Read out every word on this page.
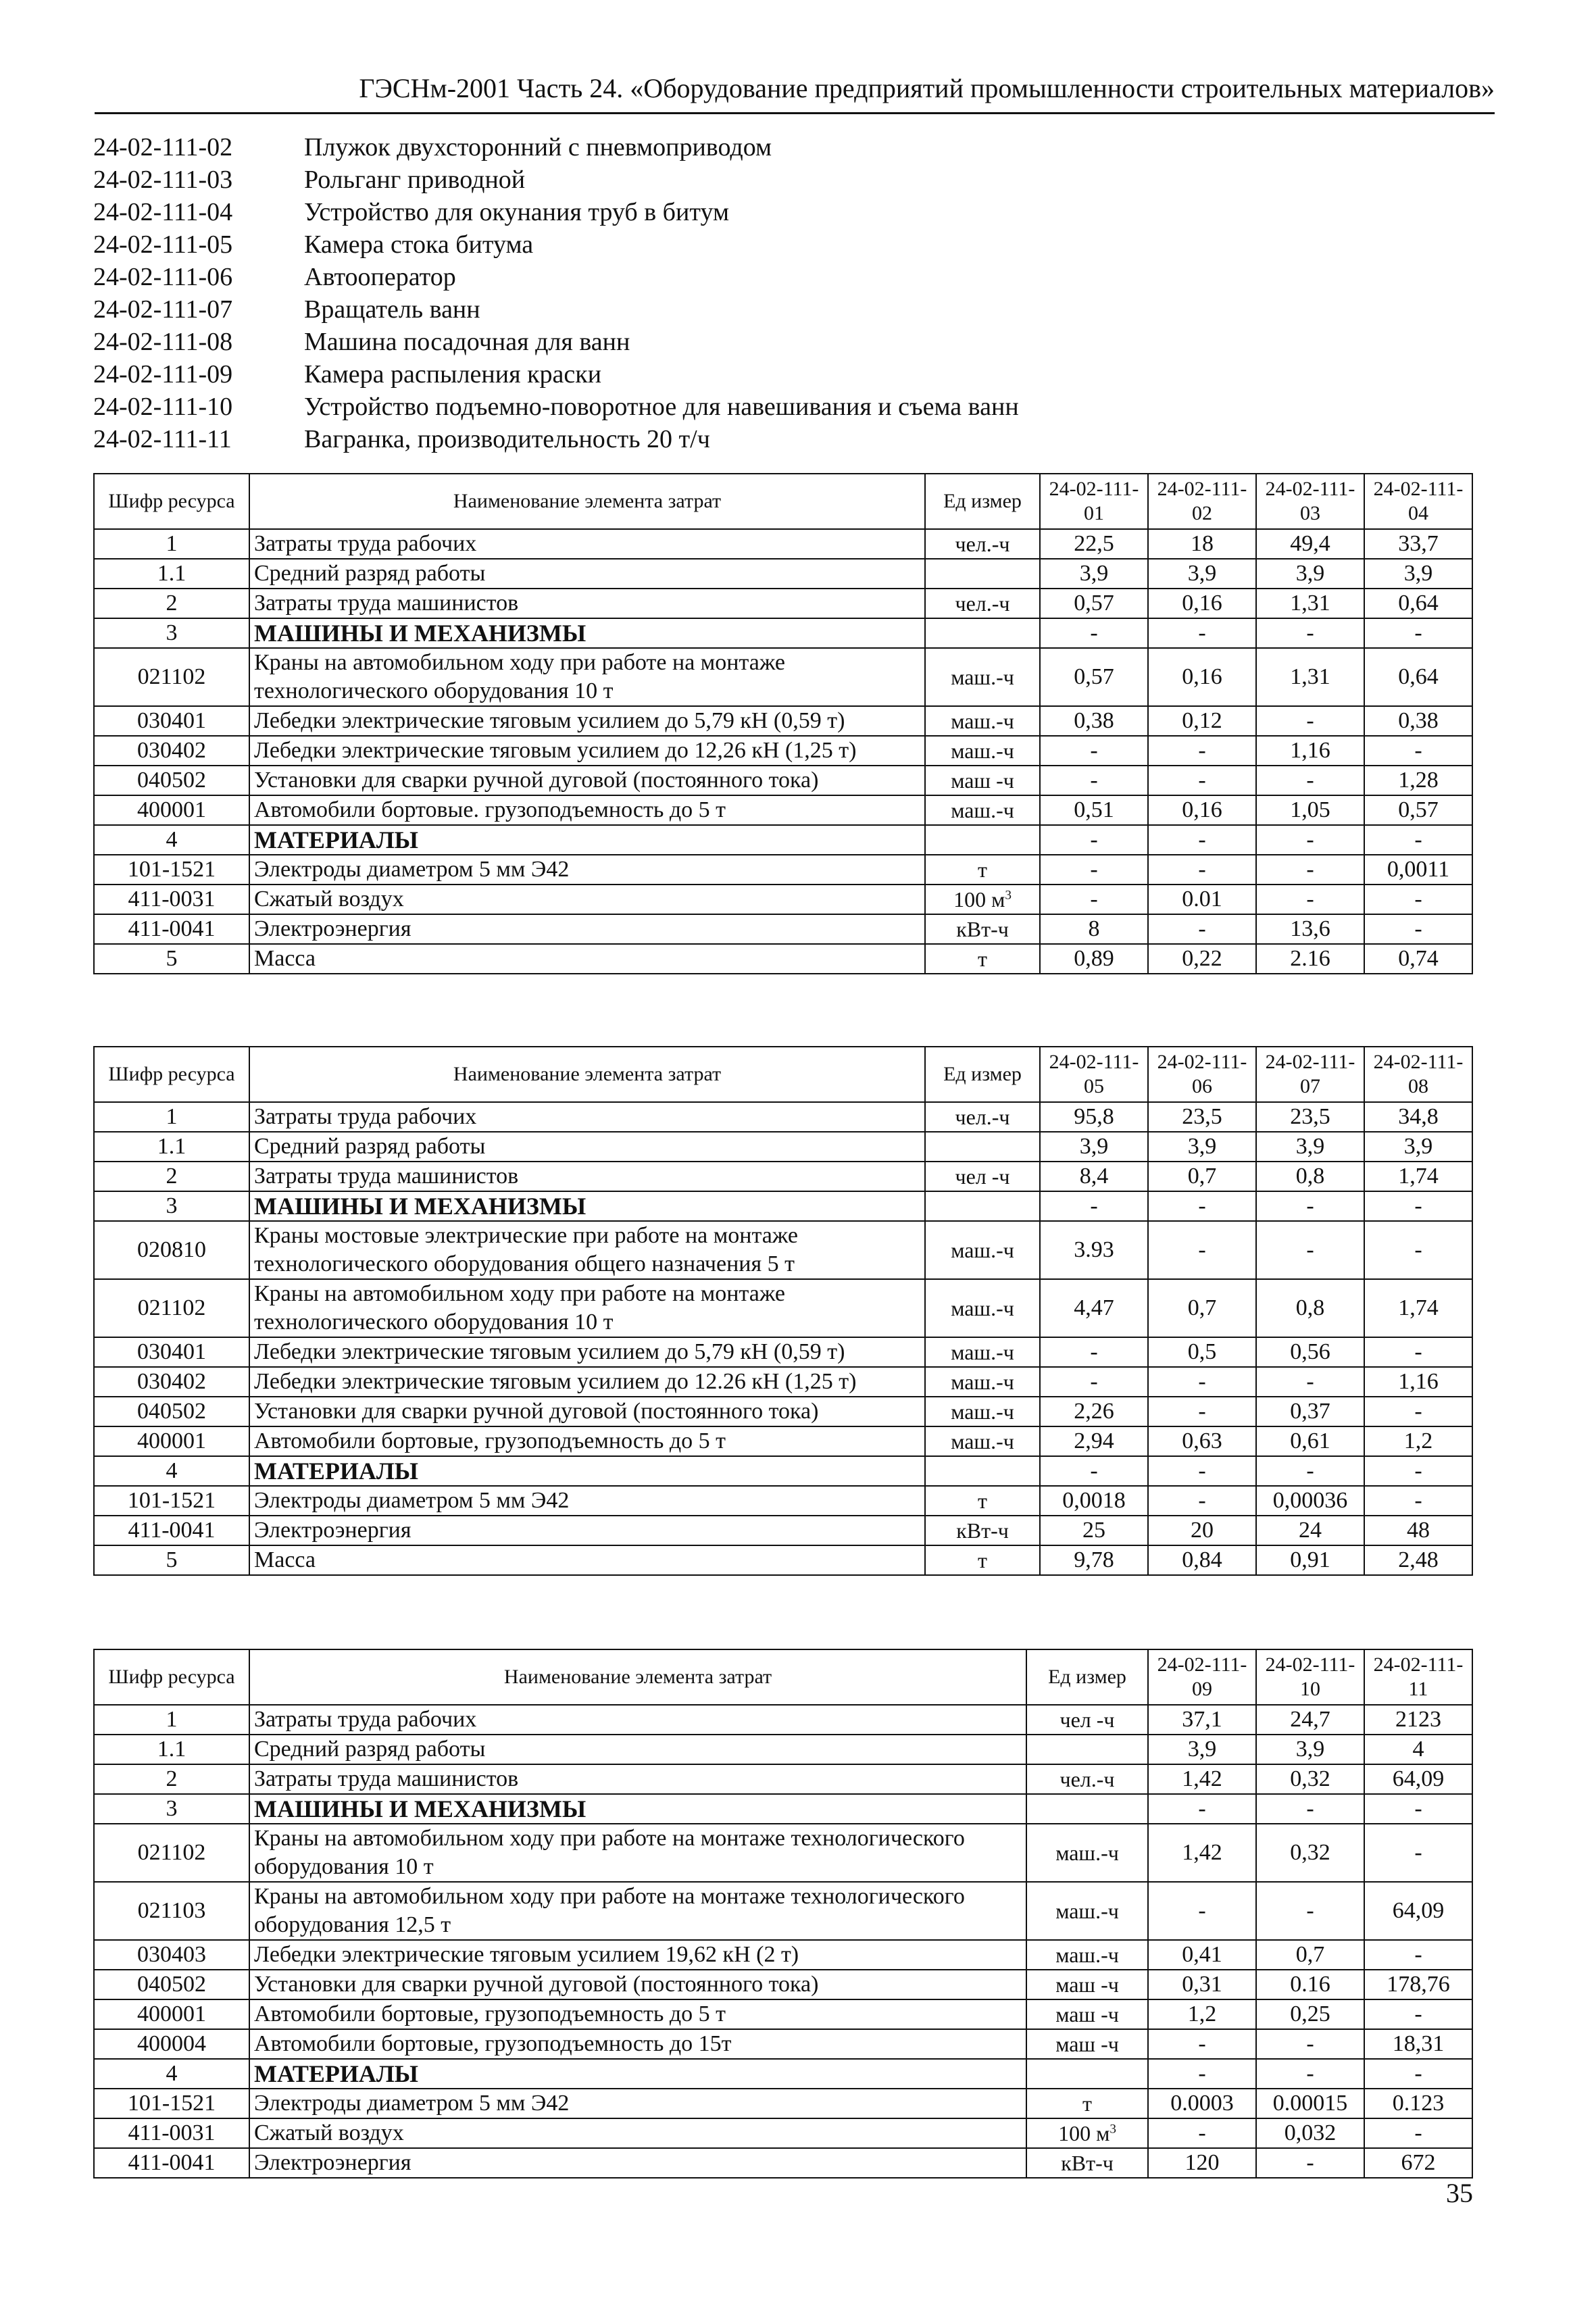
ГЭСНм-2001 Часть 24. «Оборудование предприятий промышленности строительных материалов»
24-02-111-02	Плужок двухсторонний с пневмоприводом
24-02-111-03	Рольганг приводной
24-02-111-04	Устройство для окунания труб в битум
24-02-111-05	Камера стока битума
24-02-111-06	Автооператор
24-02-111-07	Вращатель ванн
24-02-111-08	Машина посадочная для ванн
24-02-111-09	Камера распыления краски
24-02-111-10	Устройство подъемно-поворотное для навешивания и съема ванн
24-02-111-11	Вагранка, производительность 20 т/ч
Шифр ресурса	Наименование элемента затрат	Ед измер	24-02-111-01	24-02-111-02	24-02-111-03	24-02-111-04
1	Затраты труда рабочих	чел.-ч	22,5	18	49,4	33,7
1.1	Средний разряд работы		3,9	3,9	3,9	3,9
2	Затраты труда машинистов	чел.-ч	0,57	0,16	1,31	0,64
3	МАШИНЫ И МЕХАНИЗМЫ		-	-	-	-
021102	Краны на автомобильном ходу при работе на монтаже технологического оборудования 10 т	маш.-ч	0,57	0,16	1,31	0,64
030401	Лебедки электрические тяговым усилием до 5,79 кН (0,59 т)	маш.-ч	0,38	0,12	-	0,38
030402	Лебедки электрические тяговым усилием до 12,26 кН (1,25 т)	маш.-ч	-	-	1,16	-
040502	Установки для сварки ручной дуговой (постоянного тока)	маш -ч	-	-	-	1,28
400001	Автомобили бортовые. грузоподъемность до 5 т	маш.-ч	0,51	0,16	1,05	0,57
4	МАТЕРИАЛЫ		-	-	-	-
101-1521	Электроды диаметром 5 мм Э42	т	-	-	-	0,0011
411-0031	Сжатый воздух	100 $м^3$	-	0.01	-	-
411-0041	Электроэнергия	кВт-ч	8	-	13,6	-
5	Масса	т	0,89	0,22	2.16	0,74
Шифр ресурса	Наименование элемента затрат	Ед измер	24-02-111-05	24-02-111-06	24-02-111-07	24-02-111-08
1	Затраты труда рабочих	чел.-ч	95,8	23,5	23,5	34,8
1.1	Средний разряд работы		3,9	3,9	3,9	3,9
2	Затраты труда машинистов	чел -ч	8,4	0,7	0,8	1,74
3	МАШИНЫ И МЕХАНИЗМЫ		-	-	-	-
020810	Краны мостовые электрические при работе на монтаже технологического оборудования общего назначения 5 т	маш.-ч	3.93	-	-	-
021102	Краны на автомобильном ходу при работе на монтаже технологического оборудования 10 т	маш.-ч	4,47	0,7	0,8	1,74
030401	Лебедки электрические тяговым усилием до 5,79 кН (0,59 т)	маш.-ч	-	0,5	0,56	-
030402	Лебедки электрические тяговым усилием до 12.26 кН (1,25 т)	маш.-ч	-	-	-	1,16
040502	Установки для сварки ручной дуговой (постоянного тока)	маш.-ч	2,26	-	0,37	-
400001	Автомобили бортовые, грузоподъемность до 5 т	маш.-ч	2,94	0,63	0,61	1,2
4	МАТЕРИАЛЫ		-	-	-	-
101-1521	Электроды диаметром 5 мм Э42	т	0,0018	-	0,00036	-
411-0041	Электроэнергия	кВт-ч	25	20	24	48
5	Масса	т	9,78	0,84	0,91	2,48
Шифр ресурса	Наименование элемента затрат	Ед измер	24-02-111-09	24-02-111-10	24-02-111-11
1	Затраты труда рабочих	чел -ч	37,1	24,7	2123
1.1	Средний разряд работы		3,9	3,9	4
2	Затраты труда машинистов	чел.-ч	1,42	0,32	64,09
3	МАШИНЫ И МЕХАНИЗМЫ		-	-	-
021102	Краны на автомобильном ходу при работе на монтаже технологического оборудования 10 т	маш.-ч	1,42	0,32	-
021103	Краны на автомобильном ходу при работе на монтаже технологического оборудования 12,5 т	маш.-ч	-	-	64,09
030403	Лебедки электрические тяговым усилием 19,62 кН (2 т)	маш.-ч	0,41	0,7	-
040502	Установки для сварки ручной дуговой (постоянного тока)	маш -ч	0,31	0.16	178,76
400001	Автомобили бортовые, грузоподъемность до 5 т	маш -ч	1,2	0,25	-
400004	Автомобили бортовые, грузоподъемность до 15т	маш -ч	-	-	18,31
4	МАТЕРИАЛЫ		-	-	-
101-1521	Электроды диаметром 5 мм Э42	т	0.0003	0.00015	0.123
411-0031	Сжатый воздух	100 $м^3$	-	0,032	-
411-0041	Электроэнергия	кВт-ч	120	-	672
35
